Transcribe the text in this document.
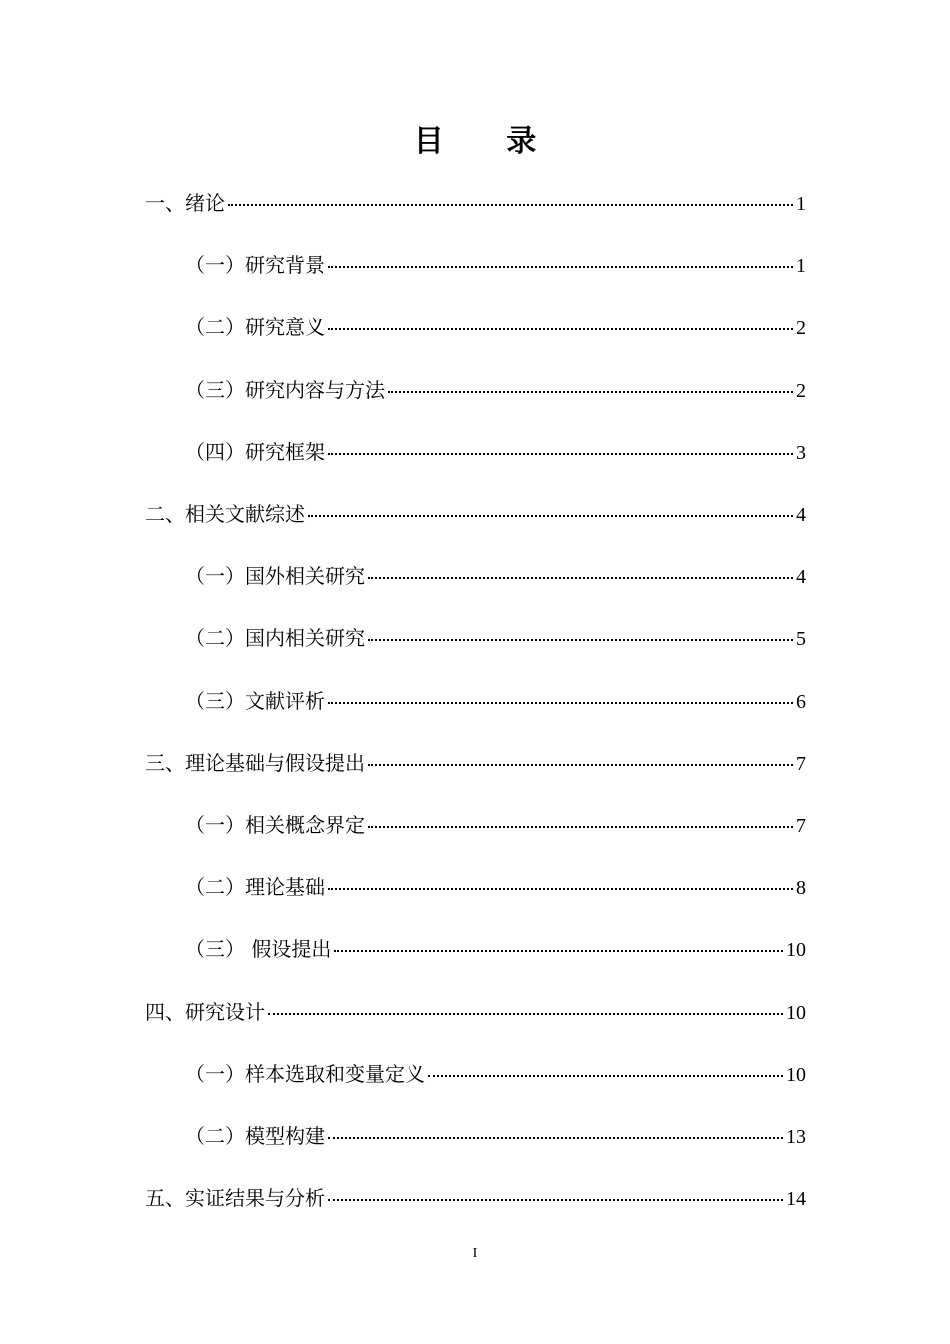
目 录
一、绪论	1
（一）研究背景	1
（二）研究意义	2
（三）研究内容与方法	2
（四）研究框架	3
二、相关文献综述	4
（一）国外相关研究	4
（二）国内相关研究	5
（三）文献评析	6
三、理论基础与假设提出	7
（一）相关概念界定	7
（二）理论基础	8
（三） 假设提出	10
四、研究设计	10
（一）样本选取和变量定义	10
（二）模型构建	13
五、实证结果与分析	14
I
